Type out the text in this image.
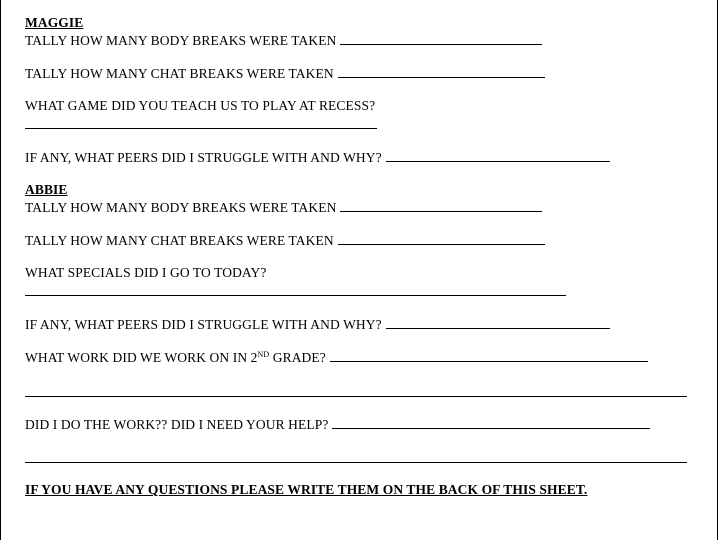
MAGGIE
TALLY HOW MANY BODY BREAKS WERE TAKEN
TALLY HOW MANY CHAT BREAKS WERE TAKEN
WHAT GAME DID YOU TEACH US TO PLAY AT RECESS?
IF ANY, WHAT PEERS DID I STRUGGLE WITH AND WHY?
ABBIE
TALLY HOW MANY BODY BREAKS WERE TAKEN
TALLY HOW MANY CHAT BREAKS WERE TAKEN
WHAT SPECIALS DID I GO TO TODAY?
IF ANY, WHAT PEERS DID I STRUGGLE WITH AND WHY?
WHAT WORK DID WE WORK ON IN 2ND GRADE?
DID I DO THE WORK?? DID I NEED YOUR HELP?
IF YOU HAVE ANY QUESTIONS PLEASE WRITE THEM ON THE BACK OF THIS SHEET.
